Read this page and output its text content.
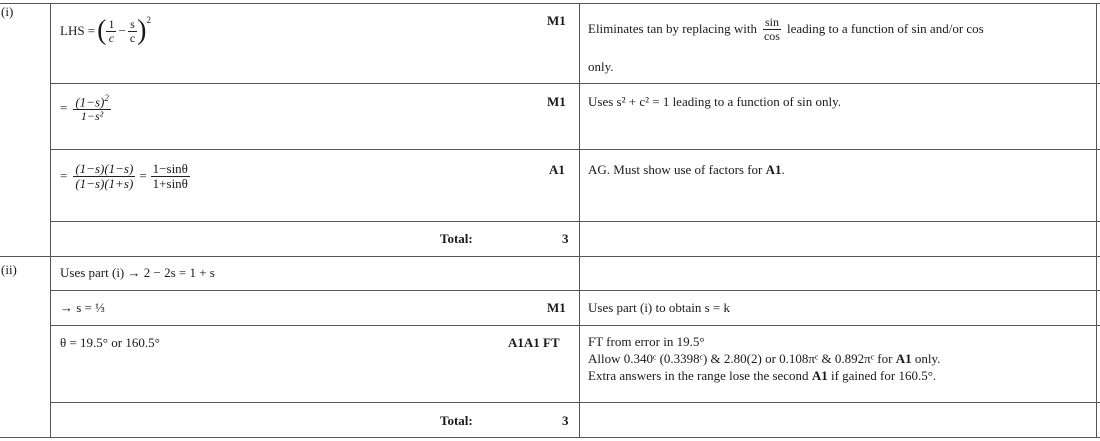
(i)
LHS = ( $\frac{1}{c} - \frac{s}{c} )^2$	M1
Eliminates tan by replacing with $\frac{\sin}{\cos}$ leading to a function of sin and/or cos
only.
= $\frac{(1-s)^2}{\text{1−s²}}$	M1 Uses s² + c² = 1 leading to a function of sin only.
= $\frac{(1-s)(1-s)}{(1-s)(1+s)} = \frac{1-\sin\theta}{1+\sin\theta}$	A1 AG. Must show use of factors for A1.
Total:	3
(ii)	Uses part (i) → 2 − 2s = 1 + s
→ s = ⅓	M1 Uses part (i) to obtain s = k
θ = 19.5° or 160.5°	A1A1 FT FT from error in 19.5°
Allow 0.340ᶜ (0.3398ᶜ) & 2.80(2) or 0.108πᶜ & 0.892πᶜ for A1 only.
Extra answers in the range lose the second A1 if gained for 160.5°.
Total:	3
